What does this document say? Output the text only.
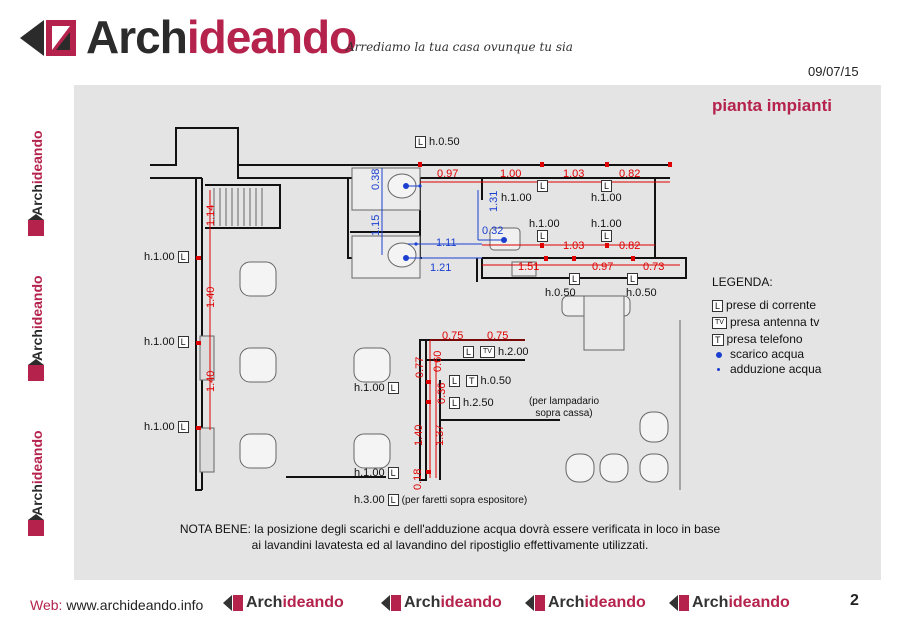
Archideando
Arrediamo la tua casa ovunque tu sia
09/07/15
Archideando
Archideando
Archideando
pianta impianti
L h.0.50
0.97	1.00	1.03	0.82
1.03	0.82
1.51	0.97	0.73
1.14
1.40
1.40
0.75 0.75
0.77 0.60
0.36
1.40 1.37
0.18
0.38
1.15
1.31
1.11
0.32
1.21
L	L
h.1.00	h.1.00
h.1.00	h.1.00
L	L
L	L
h.0.50	h.0.50
h.1.00 L
h.1.00 L
h.1.00 L
h.1.00 L
h.1.00 L
h.3.00 L (per faretti sopra espositore)
L TV h.2.00
L T h.0.50
L h.2.50	(per lampadario sopra cassa)
LEGENDA:
L prese di corrente
TV presa antenna tv
T presa telefono
scarico acqua
adduzione acqua
NOTA BENE: la posizione degli scarichi e dell'adduzione acqua dovrà essere verificata in loco in base
ai lavandini lavatesta ed al lavandino del ripostiglio effettivamente utilizzati.
Web: www.archideando.info	Archideando	Archideando	Archideando	Archideando	2
